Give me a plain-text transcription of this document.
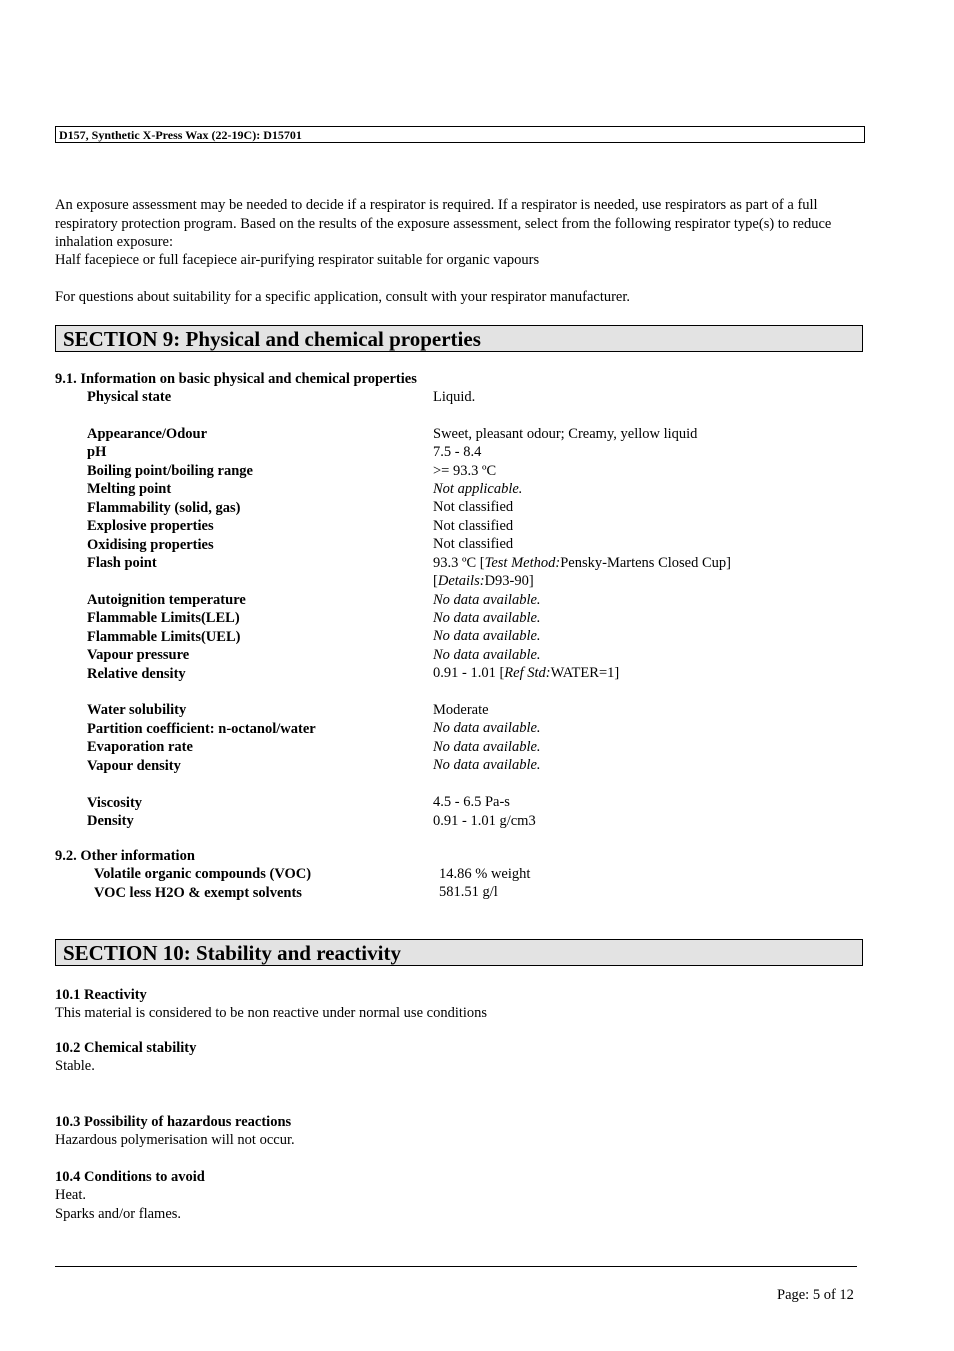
D157, Synthetic X-Press Wax (22-19C): D15701
An exposure assessment may be needed to decide if a respirator is required. If a respirator is needed, use respirators as part of a full respiratory protection program. Based on the results of the exposure assessment, select from the following respirator type(s) to reduce inhalation exposure:
Half facepiece or full facepiece air-purifying respirator suitable for organic vapours
For questions about suitability for a specific application, consult with your respirator manufacturer.
SECTION 9: Physical and chemical properties
9.1. Information on basic physical and chemical properties
Physical state	Liquid.
Appearance/Odour	Sweet, pleasant odour; Creamy, yellow liquid
pH	7.5 - 8.4
Boiling point/boiling range	>= 93.3 ºC
Melting point	Not applicable.
Flammability (solid, gas)	Not classified
Explosive properties	Not classified
Oxidising properties	Not classified
Flash point	93.3 ºC [Test Method:Pensky-Martens Closed Cup]
[Details:D93-90]
Autoignition temperature	No data available.
Flammable Limits(LEL)	No data available.
Flammable Limits(UEL)	No data available.
Vapour pressure	No data available.
Relative density	0.91 - 1.01 [Ref Std:WATER=1]
Water solubility	Moderate
Partition coefficient: n-octanol/water	No data available.
Evaporation rate	No data available.
Vapour density	No data available.
Viscosity	4.5 - 6.5 Pa-s
Density	0.91 - 1.01 g/cm3
9.2. Other information
Volatile organic compounds (VOC)	14.86 % weight
VOC less H2O & exempt solvents	581.51 g/l
SECTION 10: Stability and reactivity
10.1 Reactivity
This material is considered to be non reactive under normal use conditions
10.2 Chemical stability
Stable.
10.3 Possibility of hazardous reactions
Hazardous polymerisation will not occur.
10.4 Conditions to avoid
Heat.
Sparks and/or flames.
Page: 5 of 12
